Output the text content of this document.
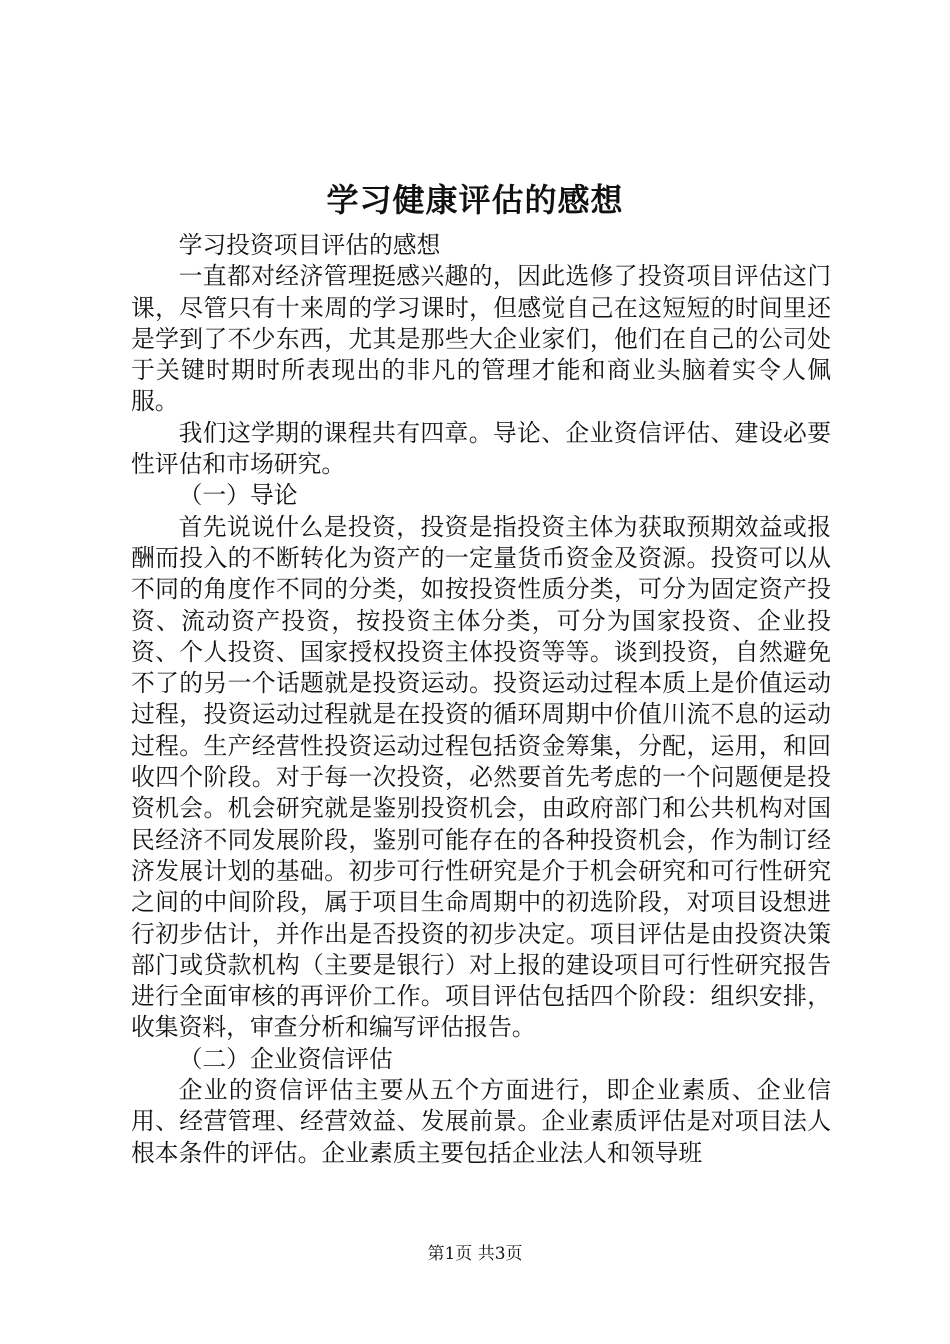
学习健康评估的感想

学习投资项目评估的感想

一直都对经济管理挺感兴趣的，因此选修了投资项目评估这门课，尽管只有十来周的学习课时，但感觉自己在这短短的时间里还是学到了不少东西，尤其是那些大企业家们，他们在自己的公司处于关键时期时所表现出的非凡的管理才能和商业头脑着实令人佩服。

我们这学期的课程共有四章。导论、企业资信评估、建设必要性评估和市场研究。

（一）导论

首先说说什么是投资，投资是指投资主体为获取预期效益或报酬而投入的不断转化为资产的一定量货币资金及资源。投资可以从不同的角度作不同的分类，如按投资性质分类，可分为固定资产投资、流动资产投资，按投资主体分类，可分为国家投资、企业投资、个人投资、国家授权投资主体投资等等。谈到投资，自然避免不了的另一个话题就是投资运动。投资运动过程本质上是价值运动过程，投资运动过程就是在投资的循环周期中价值川流不息的运动过程。生产经营性投资运动过程包括资金筹集，分配，运用，和回收四个阶段。对于每一次投资，必然要首先考虑的一个问题便是投资机会。机会研究就是鉴别投资机会，由政府部门和公共机构对国民经济不同发展阶段，鉴别可能存在的各种投资机会，作为制订经济发展计划的基础。初步可行性研究是介于机会研究和可行性研究之间的中间阶段，属于项目生命周期中的初选阶段，对项目设想进行初步估计，并作出是否投资的初步决定。项目评估是由投资决策部门或贷款机构（主要是银行）对上报的建设项目可行性研究报告进行全面审核的再评价工作。项目评估包括四个阶段：组织安排，收集资料，审查分析和编写评估报告。

（二）企业资信评估

企业的资信评估主要从五个方面进行，即企业素质、企业信用、经营管理、经营效益、发展前景。企业素质评估是对项目法人根本条件的评估。企业素质主要包括企业法人和领导班

第1页 共3页
